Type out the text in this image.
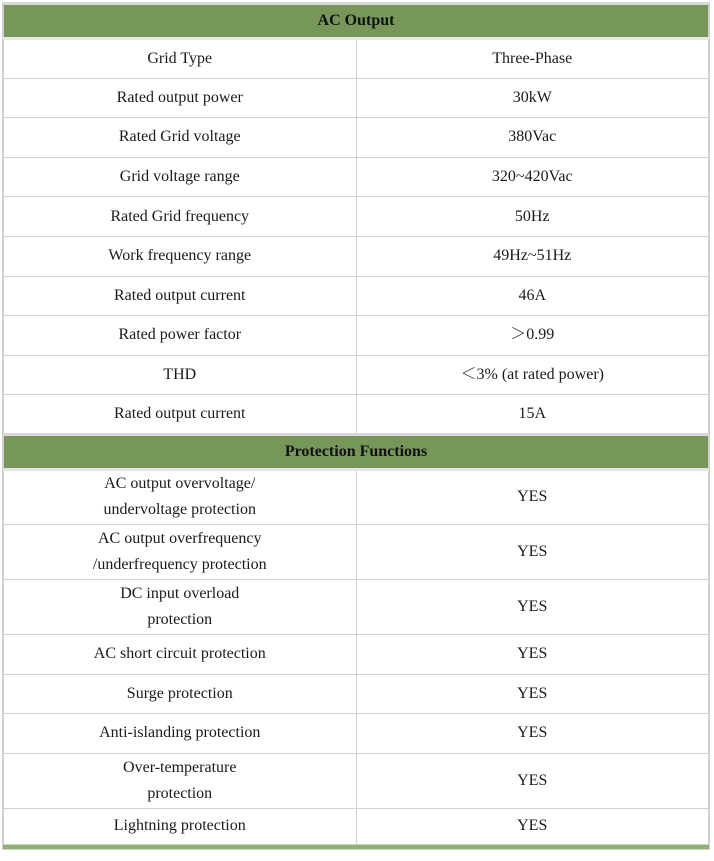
AC Output	
Grid Type	Three-Phase
Rated output power	30kW
Rated Grid voltage	380Vac
Grid voltage range	320~420Vac
Rated Grid frequency	50Hz
Work frequency range	49Hz~51Hz
Rated output current	46A
Rated power factor	＞0.99
THD	＜3% (at rated power)
Rated output current	15A
Protection Functions	
AC output overvoltage/
undervoltage protection	YES
AC output overfrequency
/underfrequency protection	YES
DC input overload
protection	YES
AC short circuit protection	YES
Surge protection	YES
Anti-islanding protection	YES
Over-temperature
protection	YES
Lightning protection	YES
